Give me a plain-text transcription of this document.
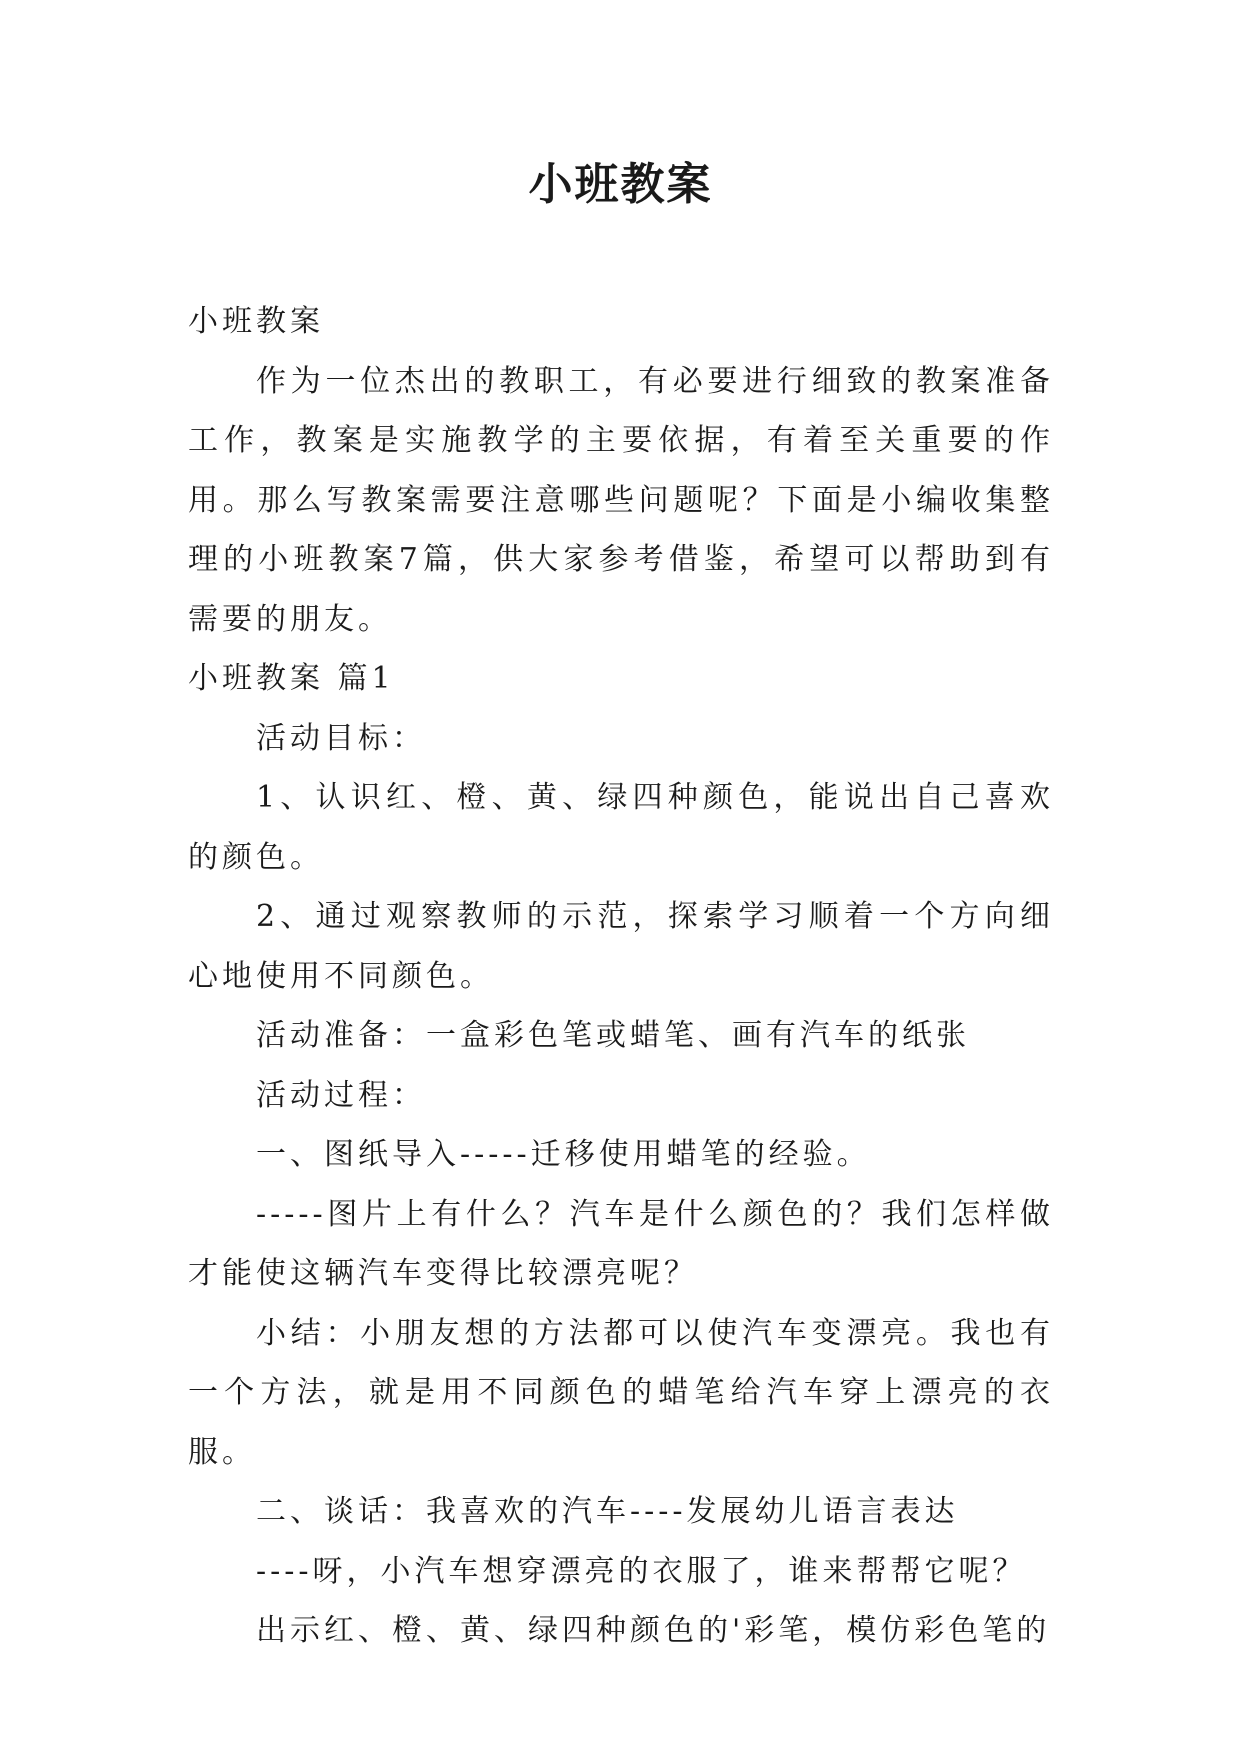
小班教案

小班教案

作为一位杰出的教职工，有必要进行细致的教案准备工作，教案是实施教学的主要依据，有着至关重要的作用。那么写教案需要注意哪些问题呢？下面是小编收集整理的小班教案7篇，供大家参考借鉴，希望可以帮助到有需要的朋友。

小班教案 篇1

活动目标：

1、认识红、橙、黄、绿四种颜色，能说出自己喜欢的颜色。

2、通过观察教师的示范，探索学习顺着一个方向细心地使用不同颜色。

活动准备：一盒彩色笔或蜡笔、画有汽车的纸张

活动过程：

一、图纸导入-----迁移使用蜡笔的经验。

-----图片上有什么？汽车是什么颜色的？我们怎样做才能使这辆汽车变得比较漂亮呢？

小结：小朋友想的方法都可以使汽车变漂亮。我也有一个方法，就是用不同颜色的蜡笔给汽车穿上漂亮的衣服。

二、谈话：我喜欢的汽车----发展幼儿语言表达

----呀，小汽车想穿漂亮的衣服了，谁来帮帮它呢？

出示红、橙、黄、绿四种颜色的'彩笔，模仿彩色笔的
